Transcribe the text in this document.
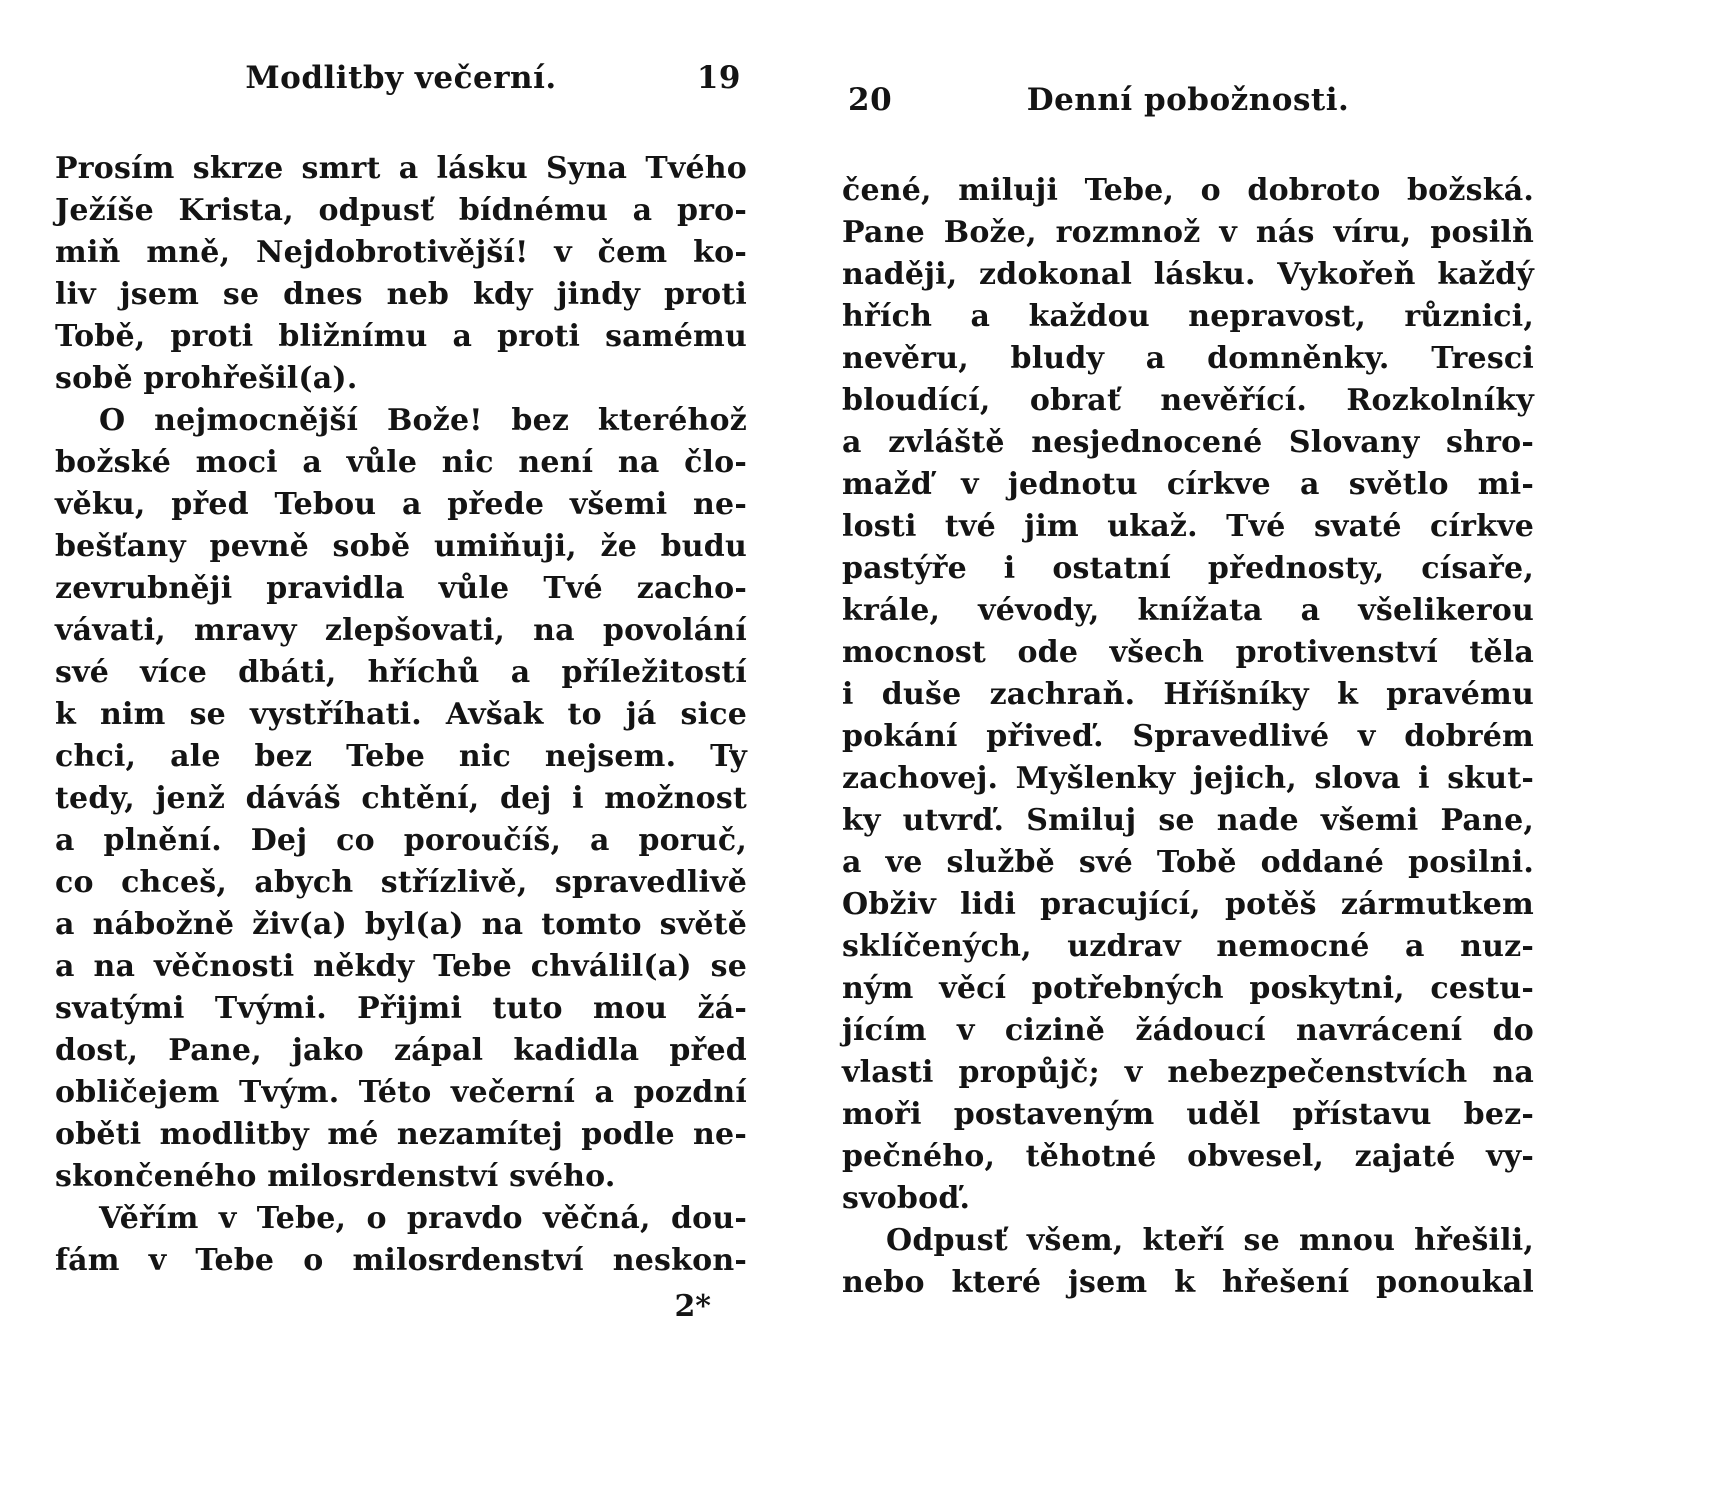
Modlitby večerní.	19
Prosím skrze smrt a lásku Syna Tvého
Ježíše Krista, odpusť bídnému a pro-
miň mně, Nejdobrotivější! v čem ko-
liv jsem se dnes neb kdy jindy proti
Tobě, proti bližnímu a proti samému
sobě prohřešil(a).
O nejmocnější Bože! bez kteréhož
božské moci a vůle nic není na člo-
věku, před Tebou a přede všemi ne-
bešťany pevně sobě umiňuji, že budu
zevrubněji pravidla vůle Tvé zacho-
vávati, mravy zlepšovati, na povolání
své více dbáti, hříchů a příležitostí
k nim se vystříhati. Avšak to já sice
chci, ale bez Tebe nic nejsem. Ty
tedy, jenž dáváš chtění, dej i možnost
a plnění. Dej co poroučíš, a poruč,
co chceš, abych střízlivě, spravedlivě
a nábožně živ(a) byl(a) na tomto světě
a na věčnosti někdy Tebe chválil(a) se
svatými Tvými. Přijmi tuto mou žá-
dost, Pane, jako zápal kadidla před
obličejem Tvým. Této večerní a pozdní
oběti modlitby mé nezamítej podle ne-
skončeného milosrdenství svého.
Věřím v Tebe, o pravdo věčná, dou-
fám v Tebe o milosrdenství neskon-
2*
20	Denní pobožnosti.
čené, miluji Tebe, o dobroto božská.
Pane Bože, rozmnož v nás víru, posilň
naději, zdokonal lásku. Vykořeň každý
hřích a každou nepravost, různici,
nevěru, bludy a domněnky. Tresci
bloudící, obrať nevěřící. Rozkolníky
a zvláště nesjednocené Slovany shro-
mažď v jednotu církve a světlo mi-
losti tvé jim ukaž. Tvé svaté církve
pastýře i ostatní přednosty, císaře,
krále, vévody, knížata a všelikerou
mocnost ode všech protivenství těla
i duše zachraň. Hříšníky k pravému
pokání přiveď. Spravedlivé v dobrém
zachovej. Myšlenky jejich, slova i skut-
ky utvrď. Smiluj se nade všemi Pane,
a ve službě své Tobě oddané posilni.
Obživ lidi pracující, potěš zármutkem
sklíčených, uzdrav nemocné a nuz-
ným věcí potřebných poskytni, cestu-
jícím v cizině žádoucí navrácení do
vlasti propůjč; v nebezpečenstvích na
moři postaveným uděl přístavu bez-
pečného, těhotné obvesel, zajaté vy-
svoboď.
Odpusť všem, kteří se mnou hřešili,
nebo které jsem k hřešení ponoukal
